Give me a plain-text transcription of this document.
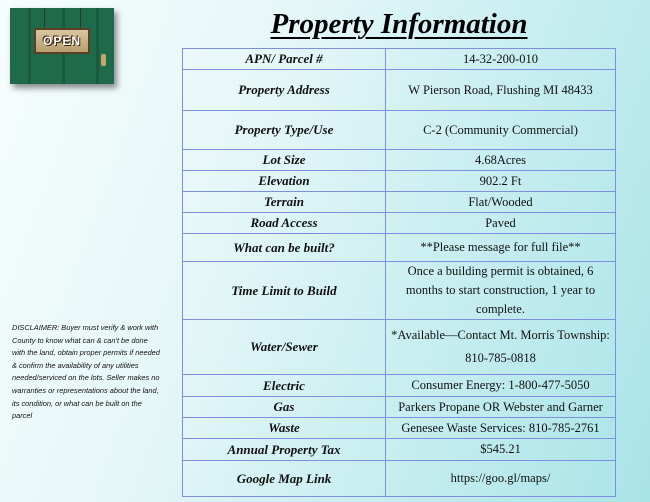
OPEN
Property Information
APN/ Parcel #	14-32-200-010
Property Address	W Pierson Road, Flushing MI 48433
Property Type/Use	C-2 (Community Commercial)
Lot Size	4.68Acres
Elevation	902.2 Ft
Terrain	Flat/Wooded
Road Access	Paved
What can be built?	**Please message for full file**
Time Limit to Build	Once a building permit is obtained, 6 months to start construction, 1 year to complete.
Water/Sewer	*Available—Contact Mt. Morris Township: 810-785-0818
Electric	Consumer Energy: 1-800-477-5050
Gas	Parkers Propane OR Webster and Garner
Waste	Genesee Waste Services: 810-785-2761
Annual Property Tax	$545.21
Google Map Link	https://goo.gl/maps/
DISCLAIMER: Buyer must verify & work with County to know what can & can't be done with the land, obtain proper permits if needed & confirm the availability of any utilities needed/serviced on the lots. Seller makes no warranties or representations about the land, its condition, or what can be built on the parcel
